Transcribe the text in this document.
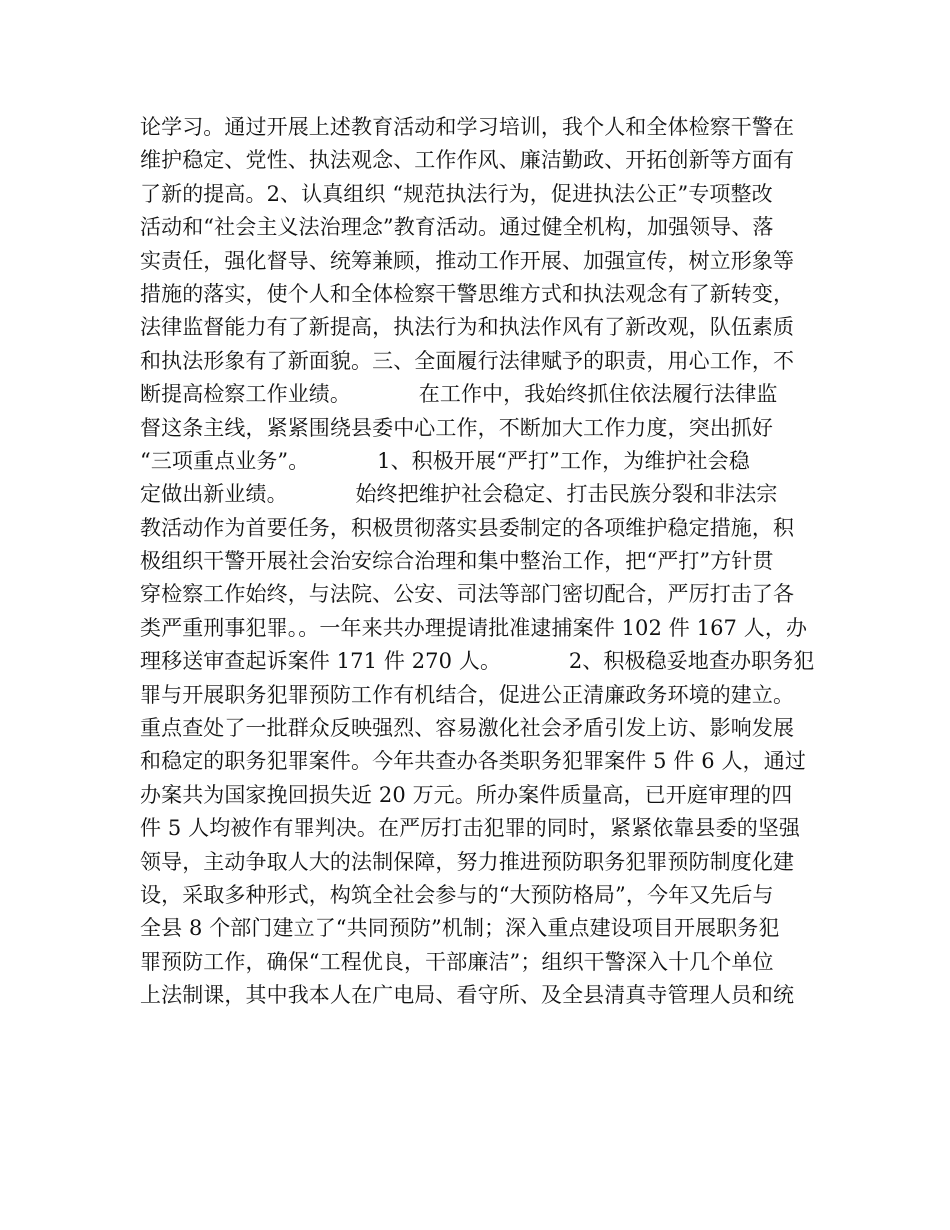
论学习。通过开展上述教育活动和学习培训，我个人和全体检察干警在
维护稳定、党性、执法观念、工作作风、廉洁勤政、开拓创新等方面有
了新的提高。2、认真组织 “规范执法行为，促进执法公正”专项整改
活动和“社会主义法治理念”教育活动。通过健全机构，加强领导、落
实责任，强化督导、统筹兼顾，推动工作开展、加强宣传，树立形象等
措施的落实，使个人和全体检察干警思维方式和执法观念有了新转变，
法律监督能力有了新提高，执法行为和执法作风有了新改观，队伍素质
和执法形象有了新面貌。三、全面履行法律赋予的职责，用心工作，不
断提高检察工作业绩。          在工作中，我始终抓住依法履行法律监
督这条主线，紧紧围绕县委中心工作，不断加大工作力度，突出抓好
“三项重点业务”。          1、积极开展“严打”工作，为维护社会稳
定做出新业绩。          始终把维护社会稳定、打击民族分裂和非法宗
教活动作为首要任务，积极贯彻落实县委制定的各项维护稳定措施，积
极组织干警开展社会治安综合治理和集中整治工作，把“严打”方针贯
穿检察工作始终，与法院、公安、司法等部门密切配合，严厉打击了各
类严重刑事犯罪。。一年来共办理提请批准逮捕案件 102 件 167 人，办
理移送审查起诉案件 171 件 270 人。          2、积极稳妥地查办职务犯
罪与开展职务犯罪预防工作有机结合，促进公正清廉政务环境的建立。
重点查处了一批群众反映强烈、容易激化社会矛盾引发上访、影响发展
和稳定的职务犯罪案件。今年共查办各类职务犯罪案件 5 件 6 人，通过
办案共为国家挽回损失近 20 万元。所办案件质量高，已开庭审理的四
件 5 人均被作有罪判决。在严厉打击犯罪的同时，紧紧依靠县委的坚强
领导，主动争取人大的法制保障，努力推进预防职务犯罪预防制度化建
设，采取多种形式，构筑全社会参与的“大预防格局”，今年又先后与
全县 8 个部门建立了“共同预防”机制；深入重点建设项目开展职务犯
罪预防工作，确保“工程优良，干部廉洁”；组织干警深入十几个单位
上法制课，其中我本人在广电局、看守所、及全县清真寺管理人员和统
